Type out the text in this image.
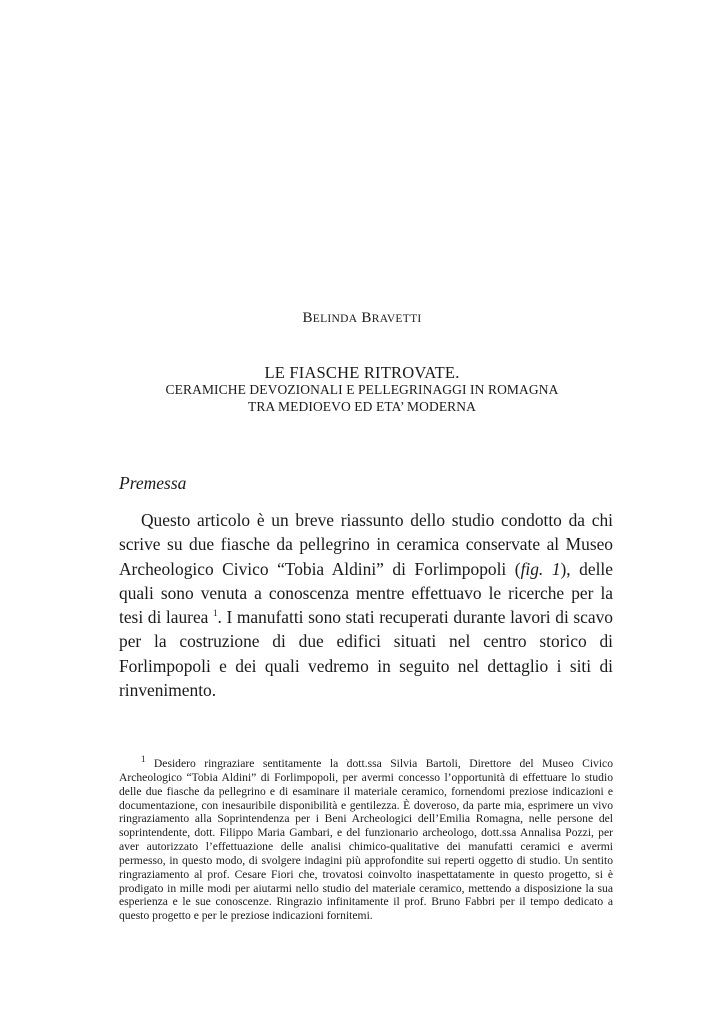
BELINDA BRAVETTI
LE FIASCHE RITROVATE.
CERAMICHE DEVOZIONALI E PELLEGRINAGGI IN ROMAGNA
TRA MEDIOEVO ED ETA’ MODERNA
Premessa

Questo articolo è un breve riassunto dello studio condotto da chi scrive su due fiasche da pellegrino in ceramica conservate al Museo Archeologico Civico “Tobia Aldini” di Forlimpopoli (fig. 1), delle quali sono venuta a conoscenza mentre effettuavo le ricerche per la tesi di laurea $^1$. I manufatti sono stati recuperati durante lavori di scavo per la costruzione di due edifici situati nel centro storico di Forlimpopoli e dei quali vedremo in seguito nel dettaglio i siti di rinvenimento.

$^1$ Desidero ringraziare sentitamente la dott.ssa Silvia Bartoli, Direttore del Museo Civico Archeologico “Tobia Aldini” di Forlimpopoli, per avermi concesso l’opportunità di effettuare lo studio delle due fiasche da pellegrino e di esaminare il materiale ceramico, fornendomi preziose indicazioni e documentazione, con inesauribile disponibilità e gentilezza. È doveroso, da parte mia, esprimere un vivo ringraziamento alla Soprintendenza per i Beni Archeologici dell’Emilia Romagna, nelle persone del soprintendente, dott. Filippo Maria Gambari, e del funzionario archeologo, dott.ssa Annalisa Pozzi, per aver autorizzato l’effettuazione delle analisi chimico-qualitative dei manufatti ceramici e avermi permesso, in questo modo, di svolgere indagini più approfondite sui reperti oggetto di studio. Un sentito ringraziamento al prof. Cesare Fiori che, trovatosi coinvolto inaspettatamente in questo progetto, si è prodigato in mille modi per aiutarmi nello studio del materiale ceramico, mettendo a disposizione la sua esperienza e le sue conoscenze. Ringrazio infinitamente il prof. Bruno Fabbri per il tempo dedicato a questo progetto e per le preziose indicazioni fornitemi.
